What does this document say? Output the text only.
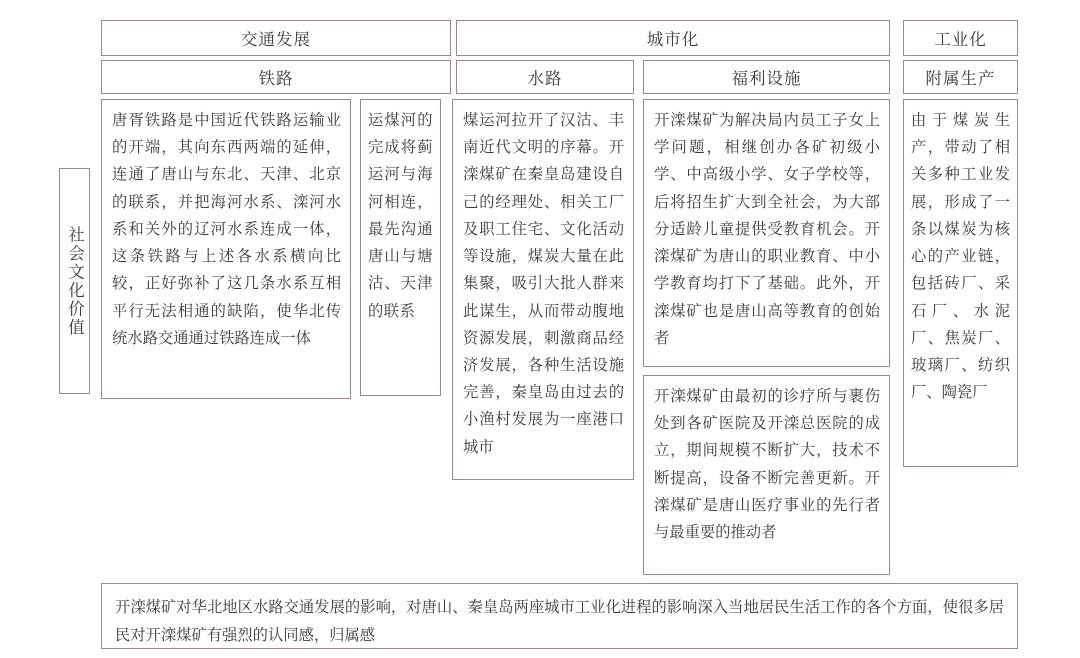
社会文化价值
交通发展	城市化	工业化
铁路	水路	福利设施	附属生产
唐胥铁路是中国近代铁路运输业的开端，其向东西两端的延伸，连通了唐山与东北、天津、北京的联系，并把海河水系、滦河水系和关外的辽河水系连成一体，这条铁路与上述各水系横向比较，正好弥补了这几条水系互相平行无法相通的缺陷，使华北传统水路交通通过铁路连成一体
运煤河的完成将蓟运河与海河相连，最先沟通唐山与塘沽、天津的联系
煤运河拉开了汉沽、丰南近代文明的序幕。开滦煤矿在秦皇岛建设自己的经理处、相关工厂及职工住宅、文化活动等设施，煤炭大量在此集聚，吸引大批人群来此谋生，从而带动腹地资源发展，刺激商品经济发展，各种生活设施完善，秦皇岛由过去的小渔村发展为一座港口城市
开滦煤矿为解决局内员工子女上学问题，相继创办各矿初级小学、中高级小学、女子学校等，后将招生扩大到全社会，为大部分适龄儿童提供受教育机会。开滦煤矿为唐山的职业教育、中小学教育均打下了基础。此外，开滦煤矿也是唐山高等教育的创始者
开滦煤矿由最初的诊疗所与裹伤处到各矿医院及开滦总医院的成立，期间规模不断扩大，技术不断提高，设备不断完善更新。开滦煤矿是唐山医疗事业的先行者与最重要的推动者
由于煤炭生产，带动了相关多种工业发展，形成了一条以煤炭为核心的产业链，包括砖厂、采石厂、水泥厂、焦炭厂、玻璃厂、纺织厂、陶瓷厂
开滦煤矿对华北地区水路交通发展的影响，对唐山、秦皇岛两座城市工业化进程的影响深入当地居民生活工作的各个方面，使很多居民对开滦煤矿有强烈的认同感，归属感
